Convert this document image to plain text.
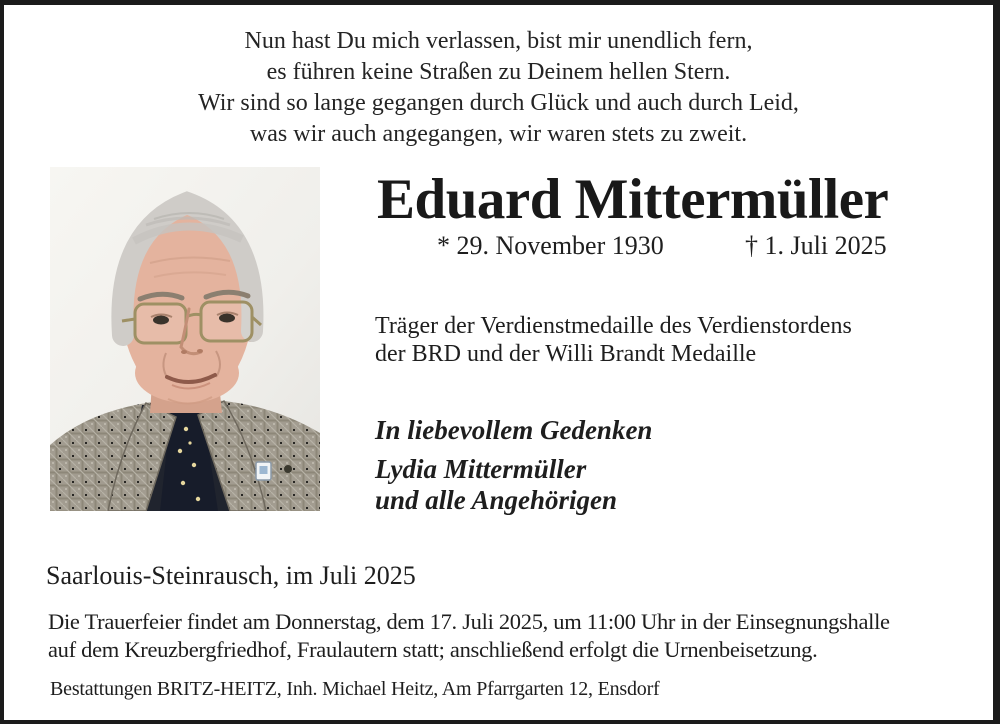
Nun hast Du mich verlassen, bist mir unendlich fern,
es führen keine Straßen zu Deinem hellen Stern.
Wir sind so lange gegangen durch Glück und auch durch Leid,
was wir auch angegangen, wir waren stets zu zweit.
Eduard Mittermüller
* 29. November 1930	† 1. Juli 2025
Träger der Verdienstmedaille des Verdienstordens
der BRD und der Willi Brandt Medaille
In liebevollem Gedenken
Lydia Mittermüller
und alle Angehörigen
Saarlouis-Steinrausch, im Juli 2025
Die Trauerfeier findet am Donnerstag, dem 17. Juli 2025, um 11:00 Uhr in der Einsegnungshalle
auf dem Kreuzbergfriedhof, Fraulautern statt; anschließend erfolgt die Urnenbeisetzung.
Bestattungen BRITZ-HEITZ, Inh. Michael Heitz, Am Pfarrgarten 12, Ensdorf
